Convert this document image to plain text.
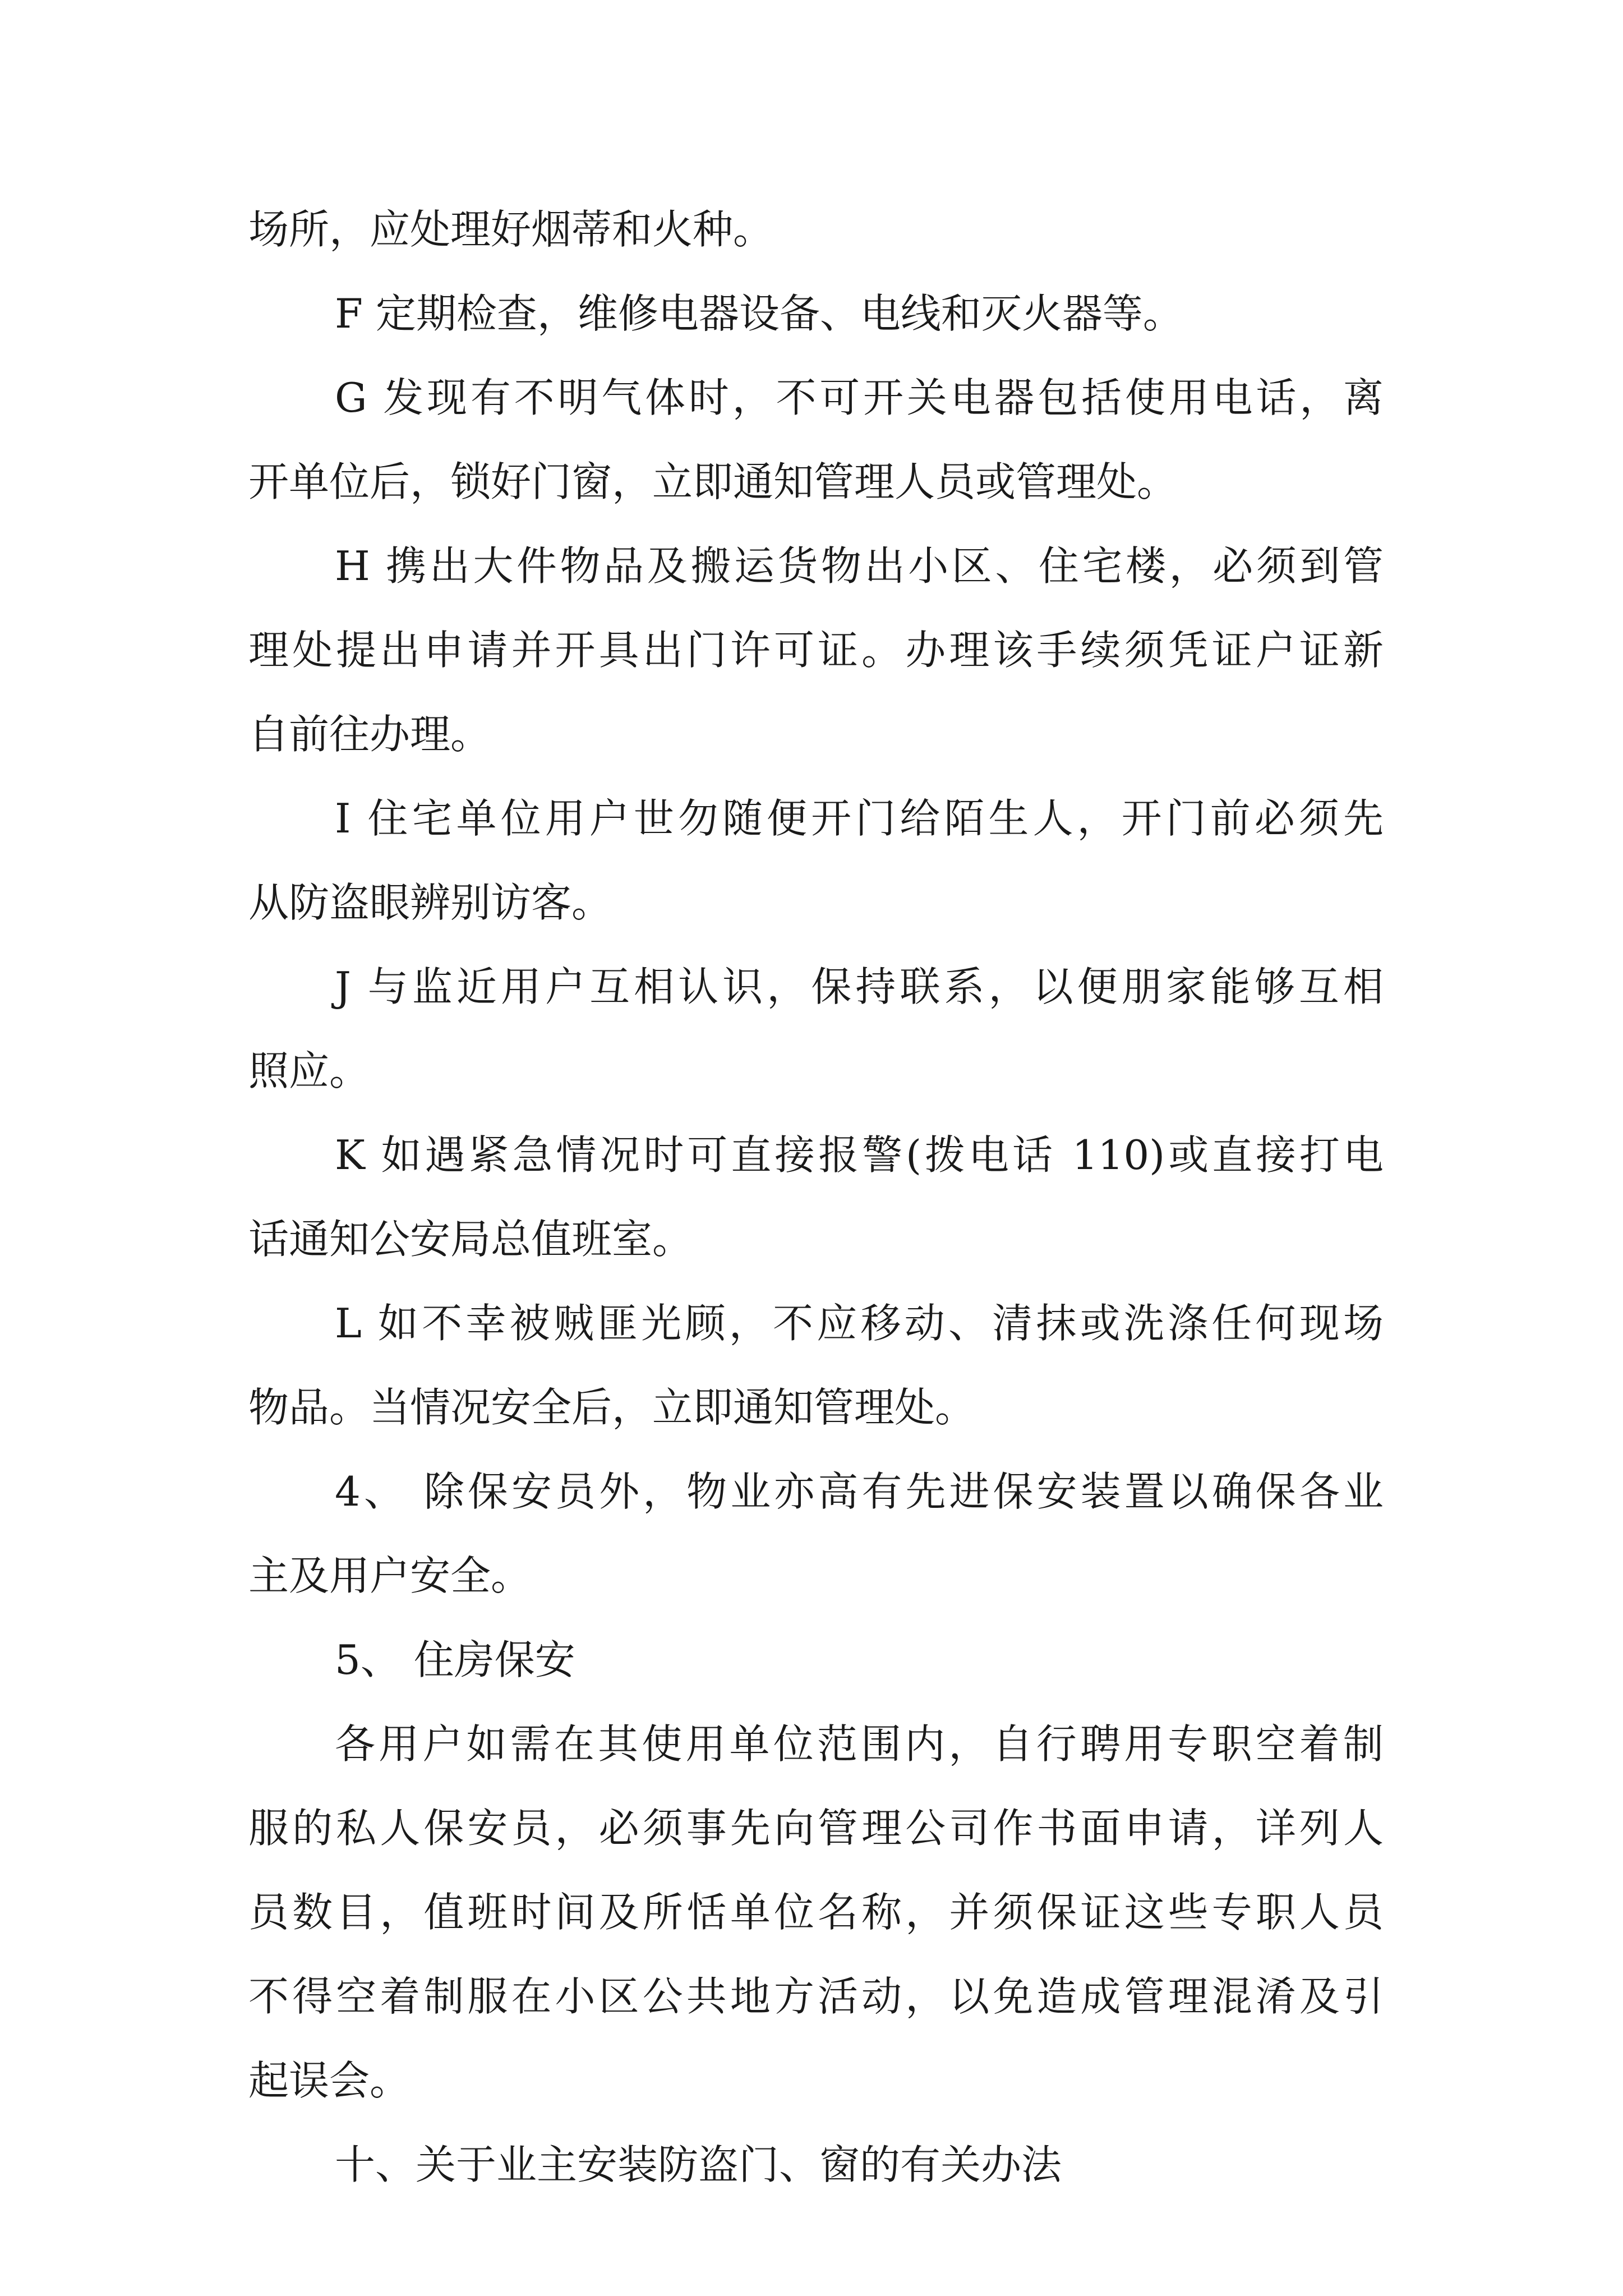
场所，应处理好烟蒂和火种。
F 定期检查，维修电器设备、电线和灭火器等。
G 发现有不明气体时，不可开关电器包括使用电话，离
开单位后，锁好门窗，立即通知管理人员或管理处。
H 携出大件物品及搬运货物出小区、住宅楼，必须到管
理处提出申请并开具出门许可证。办理该手续须凭证户证新
自前往办理。
I 住宅单位用户世勿随便开门给陌生人，开门前必须先
从防盗眼辨别访客。
J 与监近用户互相认识，保持联系，以便朋家能够互相
照应。
K 如遇紧急情况时可直接报警(拨电话 110)或直接打电
话通知公安局总值班室。
L 如不幸被贼匪光顾，不应移动、清抹或洗涤任何现场
物品。当情况安全后，立即通知管理处。
4、 除保安员外，物业亦高有先进保安装置以确保各业
主及用户安全。
5、 住房保安
各用户如需在其使用单位范围内，自行聘用专职空着制
服的私人保安员，必须事先向管理公司作书面申请，详列人
员数目，值班时间及所恬单位名称，并须保证这些专职人员
不得空着制服在小区公共地方活动，以免造成管理混淆及引
起误会。
十、关于业主安装防盗门、窗的有关办法
